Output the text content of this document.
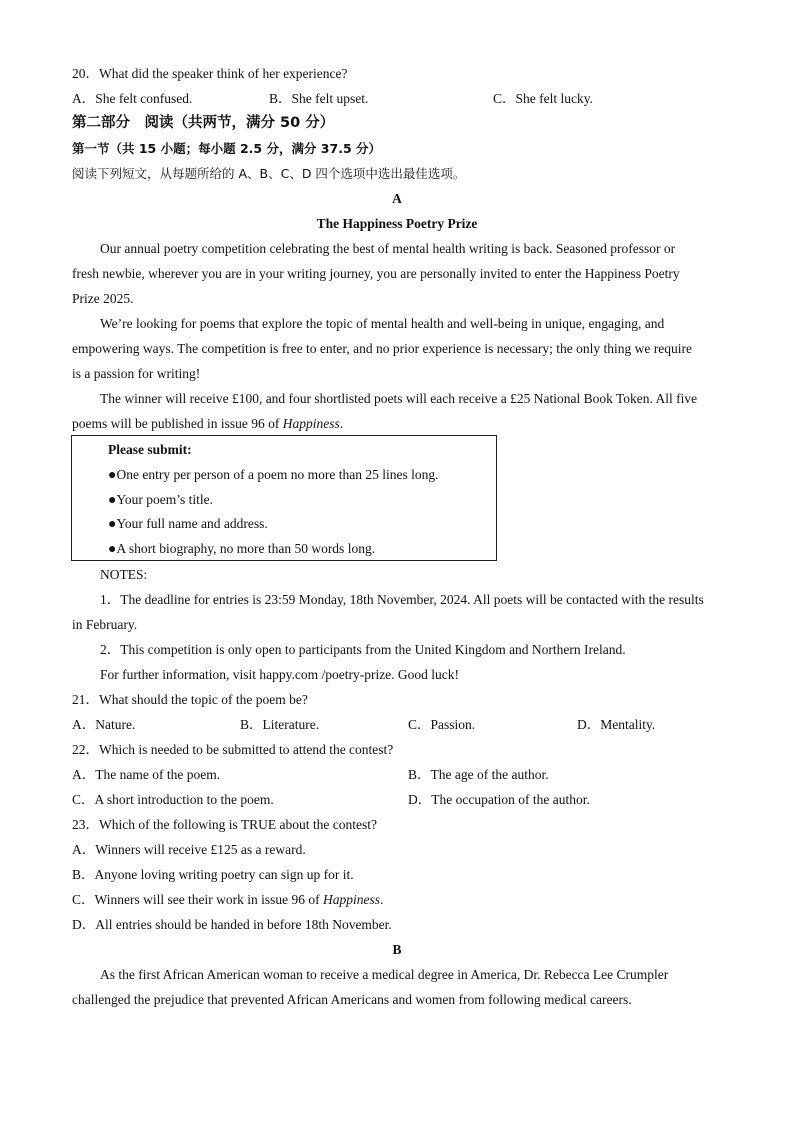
20．What did the speaker think of her experience?
A．She felt confused.	B．She felt upset.	C．She felt lucky.
第二部分　阅读（共两节，满分 50 分）
第一节（共 15 小题；每小题 2.5 分，满分 37.5 分）
阅读下列短文，从每题所给的 A、B、C、D 四个选项中选出最佳选项。
A
The Happiness Poetry Prize
Our annual poetry competition celebrating the best of mental health writing is back. Seasoned professor or
fresh newbie, wherever you are in your writing journey, you are personally invited to enter the Happiness Poetry
Prize 2025.
We’re looking for poems that explore the topic of mental health and well-being in unique, engaging, and
empowering ways. The competition is free to enter, and no prior experience is necessary; the only thing we require
is a passion for writing!
The winner will receive £100, and four shortlisted poets will each receive a £25 National Book Token. All five
poems will be published in issue 96 of Happiness.
Please submit:
●One entry per person of a poem no more than 25 lines long.
●Your poem’s title.
●Your full name and address.
●A short biography, no more than 50 words long.
NOTES:
1．The deadline for entries is 23:59 Monday, 18th November, 2024. All poets will be contacted with the results
in February.
2．This competition is only open to participants from the United Kingdom and Northern Ireland.
For further information, visit happy.com /poetry-prize. Good luck!
21．What should the topic of the poem be?
A．Nature.	B．Literature.	C．Passion.	D．Mentality.
22．Which is needed to be submitted to attend the contest?
A．The name of the poem.	B．The age of the author.
C．A short introduction to the poem.	D．The occupation of the author.
23．Which of the following is TRUE about the contest?
A．Winners will receive £125 as a reward.
B．Anyone loving writing poetry can sign up for it.
C．Winners will see their work in issue 96 of Happiness.
D．All entries should be handed in before 18th November.
B
As the first African American woman to receive a medical degree in America, Dr. Rebecca Lee Crumpler
challenged the prejudice that prevented African Americans and women from following medical careers.
